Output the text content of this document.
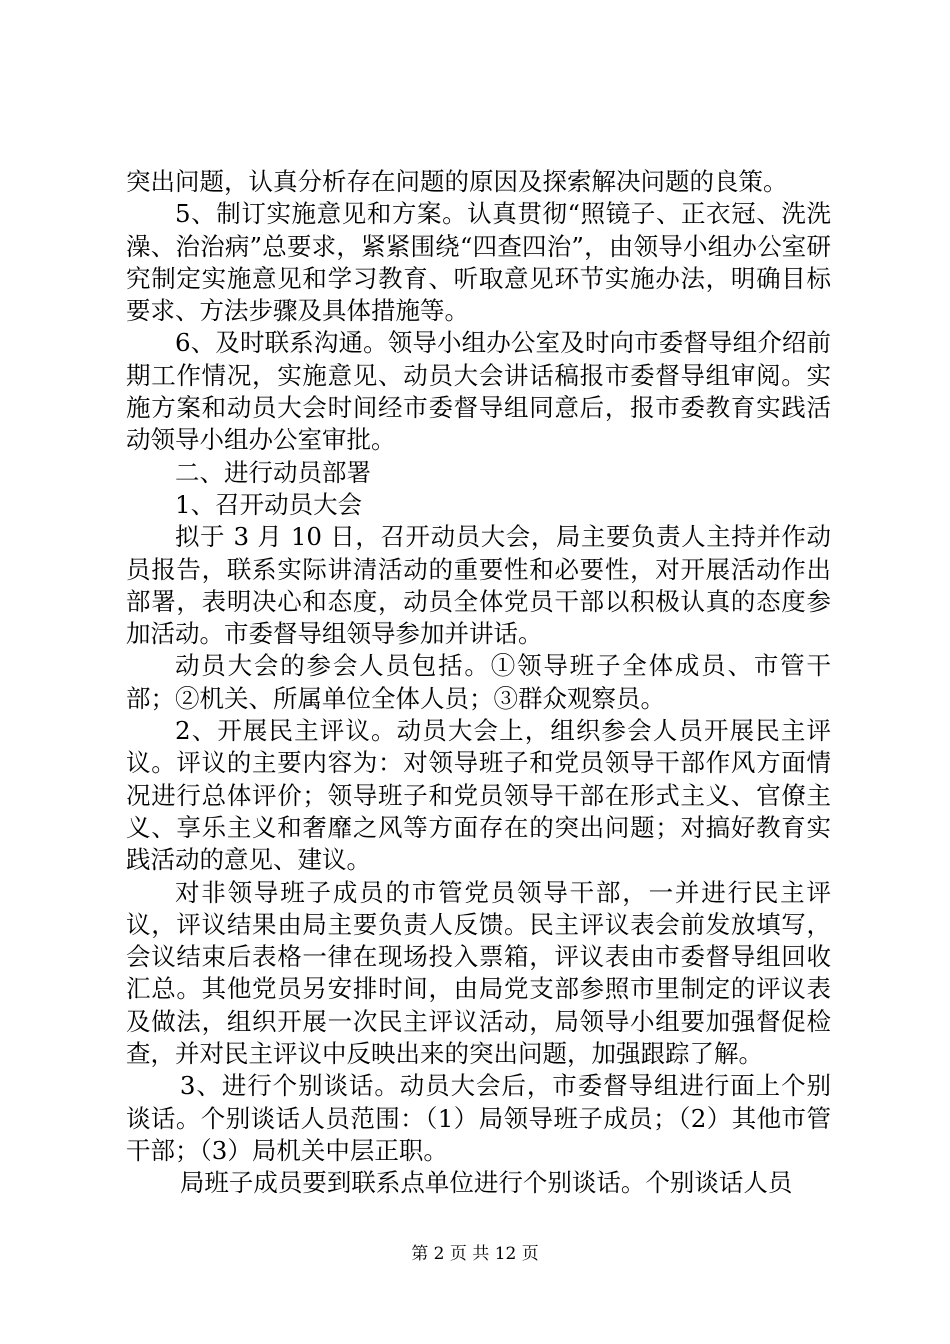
突出问题，认真分析存在问题的原因及探索解决问题的良策。

5、制订实施意见和方案。认真贯彻“照镜子、正衣冠、洗洗澡、治治病”总要求，紧紧围绕“四查四治”，由领导小组办公室研究制定实施意见和学习教育、听取意见环节实施办法，明确目标要求、方法步骤及具体措施等。

6、及时联系沟通。领导小组办公室及时向市委督导组介绍前期工作情况，实施意见、动员大会讲话稿报市委督导组审阅。实施方案和动员大会时间经市委督导组同意后，报市委教育实践活动领导小组办公室审批。

二、进行动员部署

1、召开动员大会

拟于 3 月 10 日，召开动员大会，局主要负责人主持并作动员报告，联系实际讲清活动的重要性和必要性，对开展活动作出部署，表明决心和态度，动员全体党员干部以积极认真的态度参加活动。市委督导组领导参加并讲话。

动员大会的参会人员包括。①领导班子全体成员、市管干部；②机关、所属单位全体人员；③群众观察员。

2、开展民主评议。动员大会上，组织参会人员开展民主评议。评议的主要内容为：对领导班子和党员领导干部作风方面情况进行总体评价；领导班子和党员领导干部在形式主义、官僚主义、享乐主义和奢靡之风等方面存在的突出问题；对搞好教育实践活动的意见、建议。

对非领导班子成员的市管党员领导干部，一并进行民主评议，评议结果由局主要负责人反馈。民主评议表会前发放填写，会议结束后表格一律在现场投入票箱，评议表由市委督导组回收汇总。其他党员另安排时间，由局党支部参照市里制定的评议表及做法，组织开展一次民主评议活动，局领导小组要加强督促检查，并对民主评议中反映出来的突出问题，加强跟踪了解。

3、进行个别谈话。动员大会后，市委督导组进行面上个别谈话。个别谈话人员范围：（1）局领导班子成员；（2）其他市管干部；（3）局机关中层正职。

局班子成员要到联系点单位进行个别谈话。个别谈话人员

第 2 页 共 12 页
